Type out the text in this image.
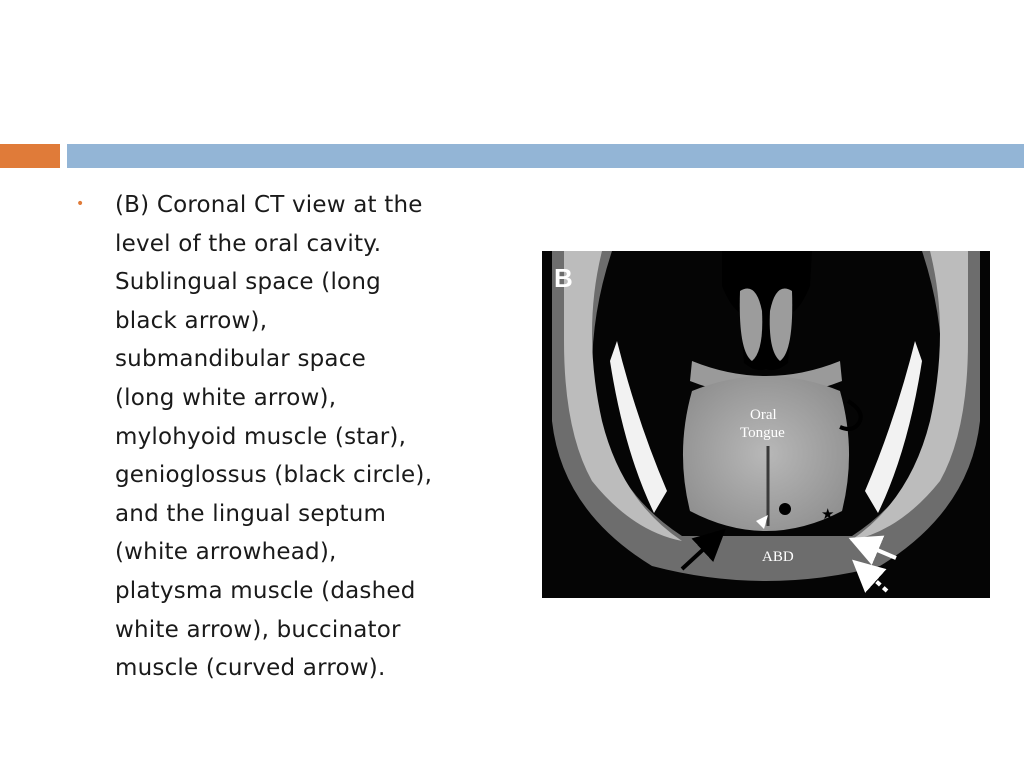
• (B) Coronal CT view at the
level of the oral cavity.
Sublingual space (long
black arrow),
submandibular space
(long white arrow),
mylohyoid muscle (star),
genioglossus (black circle),
and the lingual septum
(white arrowhead),
platysma muscle (dashed
white arrow), buccinator
muscle (curved arrow).
B
Oral
Tongue
ABD
★
